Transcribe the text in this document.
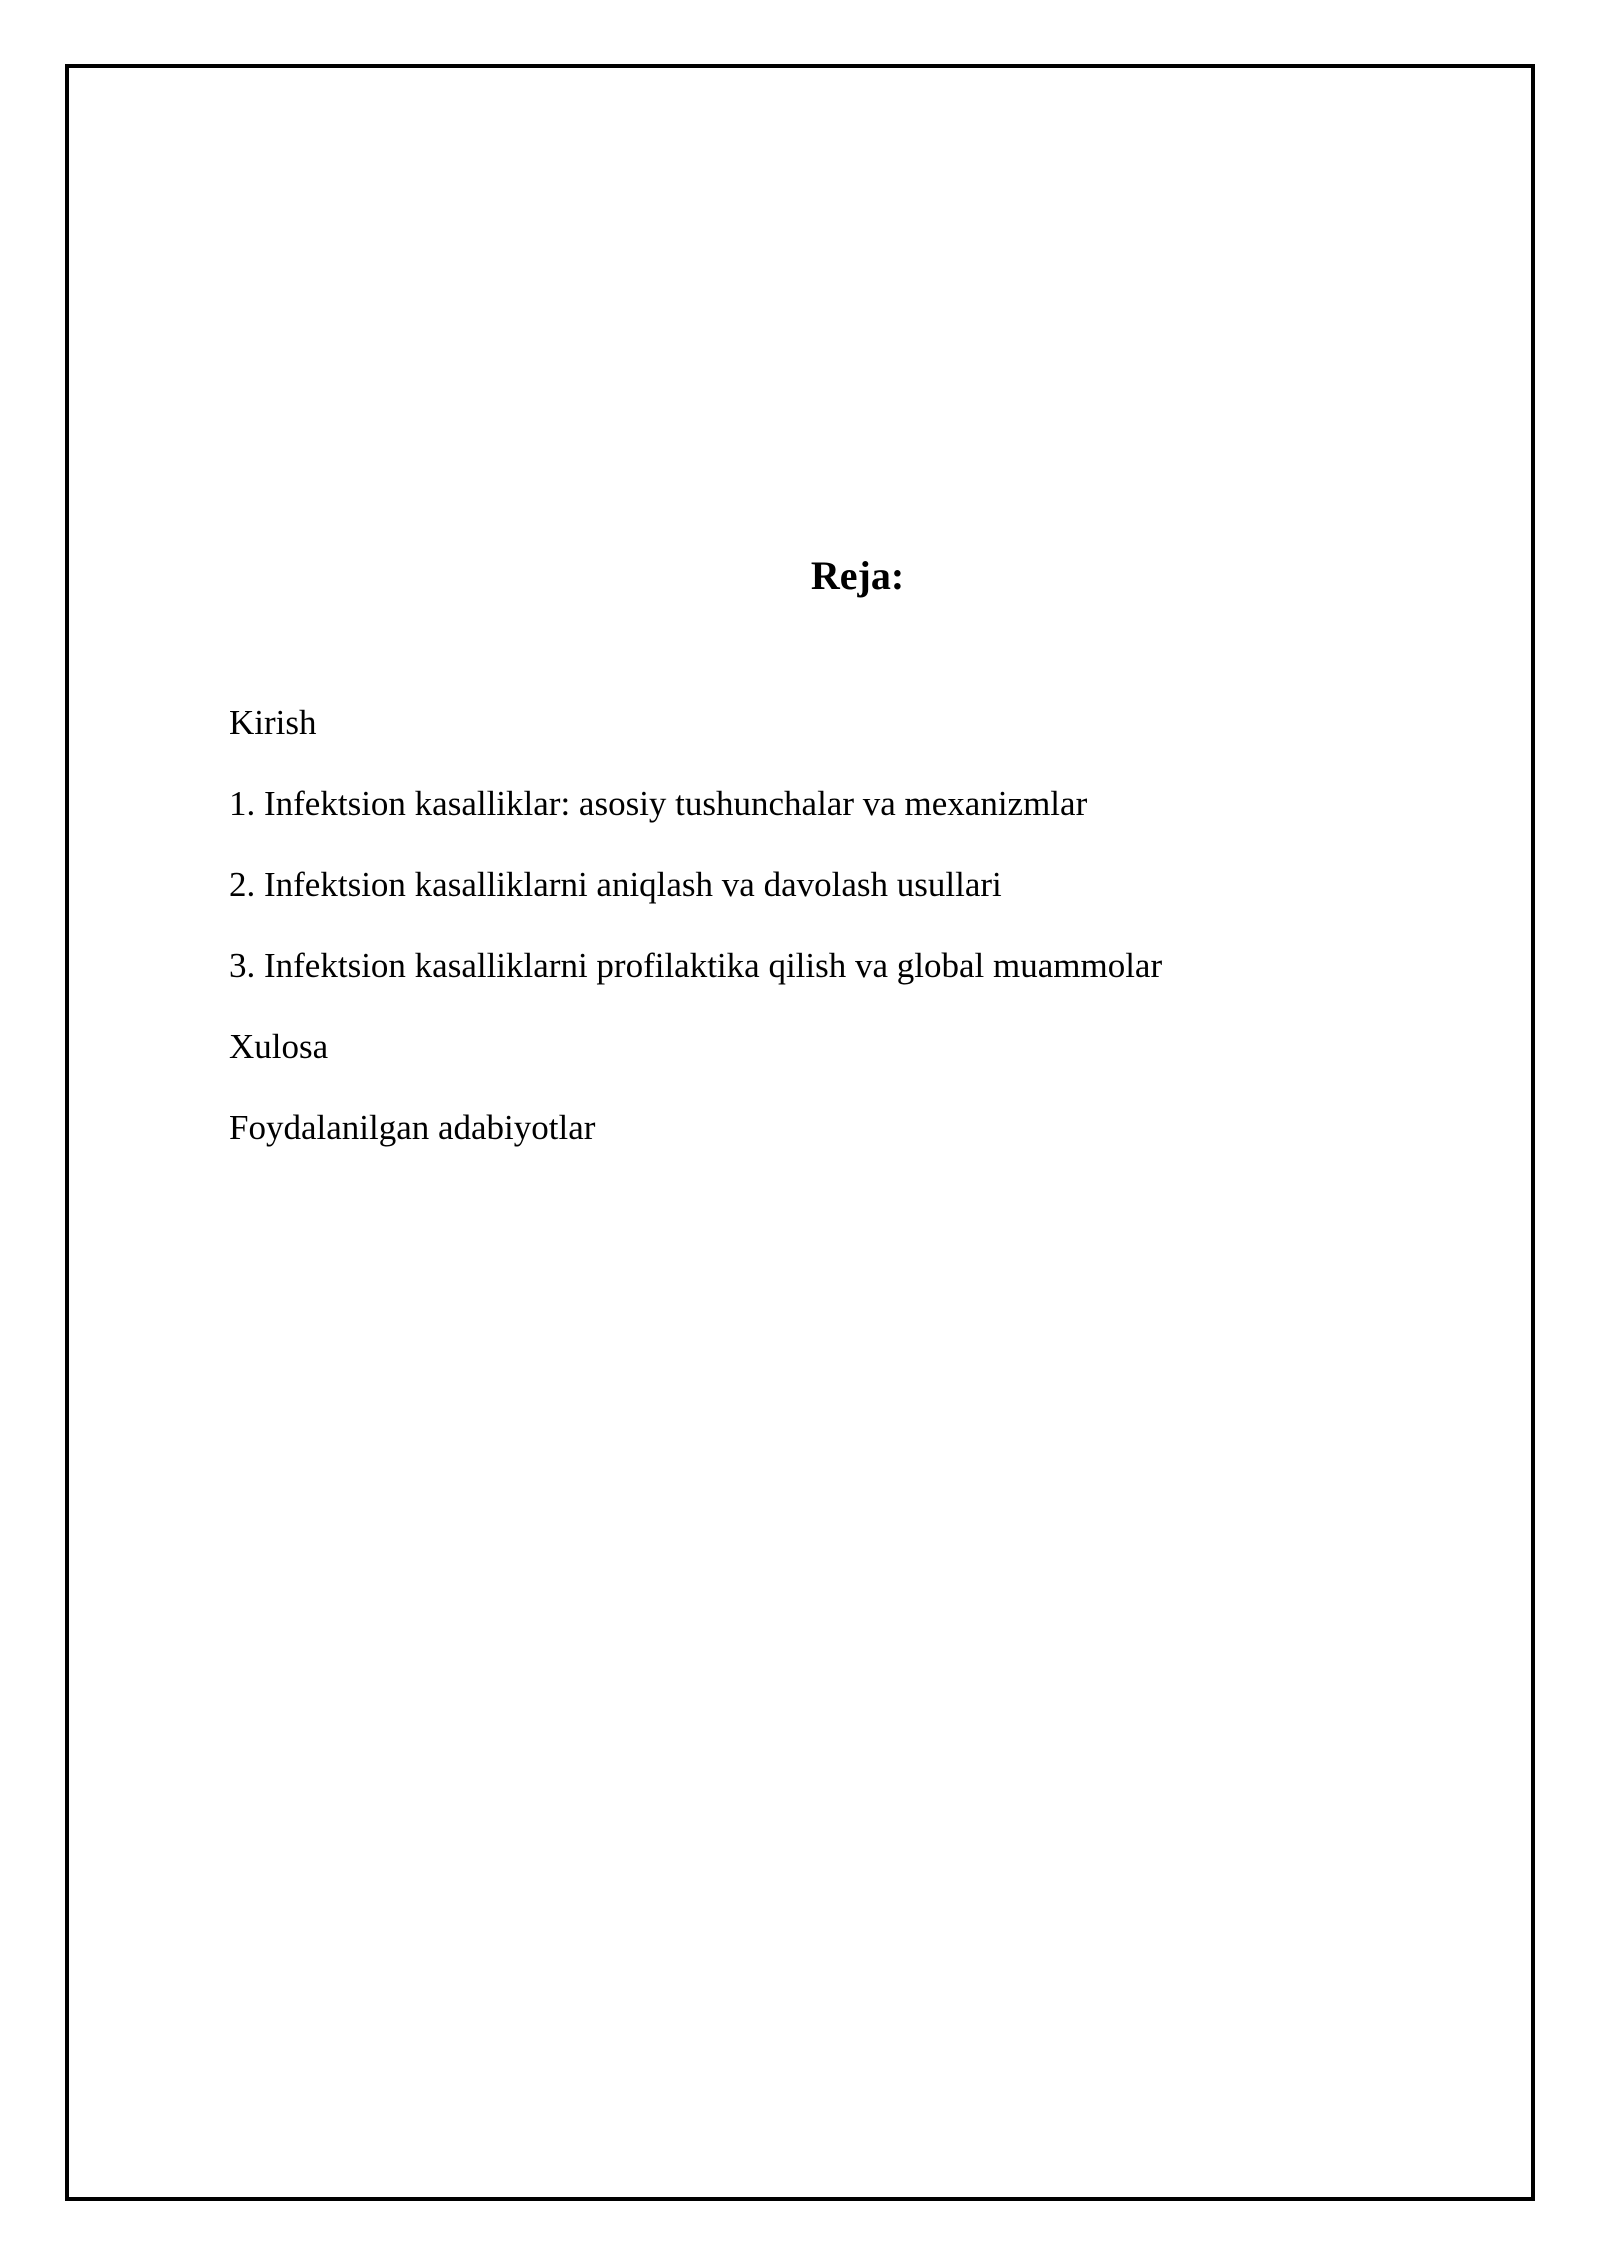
Reja:
Kirish
1. Infektsion kasalliklar: asosiy tushunchalar va mexanizmlar
2. Infektsion kasalliklarni aniqlash va davolash usullari
3. Infektsion kasalliklarni profilaktika qilish va global muammolar
Xulosa
Foydalanilgan adabiyotlar
